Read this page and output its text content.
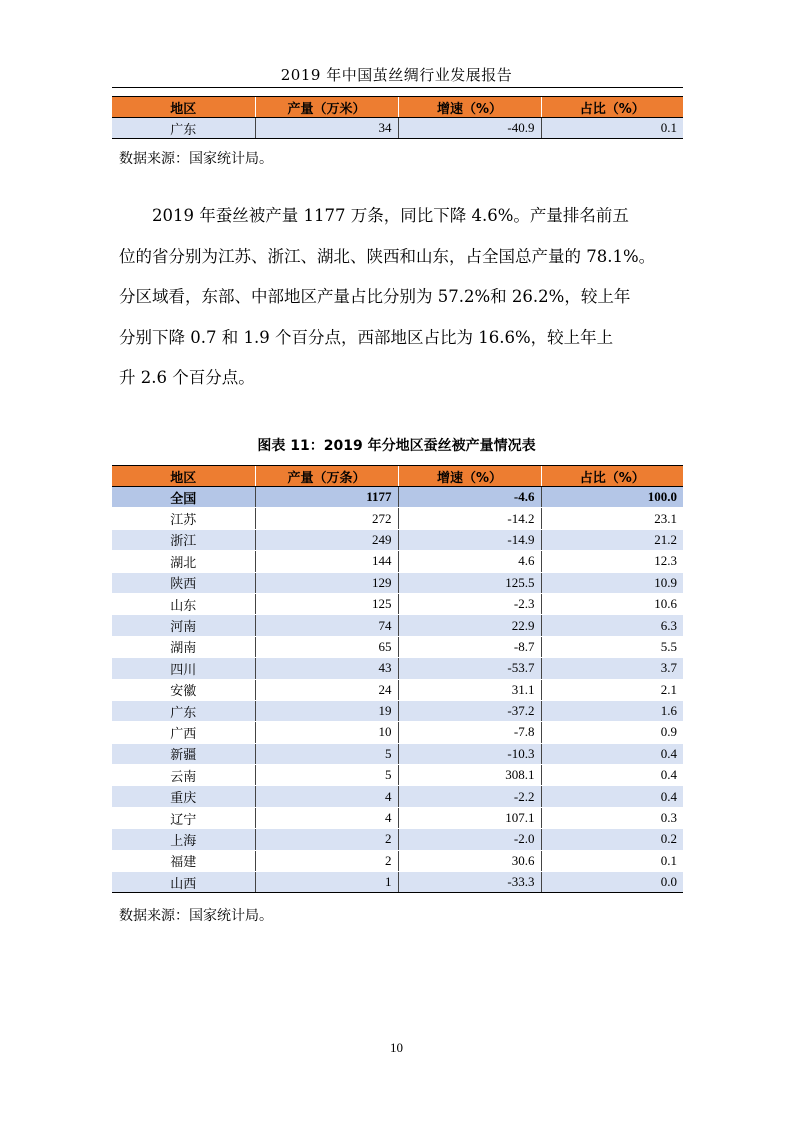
2019 年中国茧丝绸行业发展报告
地区	产量（万米）	增速（%）	占比（%）
广东	34	-40.9	0.1
数据来源：国家统计局。
2019 年蚕丝被产量 1177 万条，同比下降 4.6%。产量排名前五
位的省分别为江苏、浙江、湖北、陕西和山东，占全国总产量的 78.1%。
分区域看，东部、中部地区产量占比分别为 57.2%和 26.2%，较上年
分别下降 0.7 和 1.9 个百分点，西部地区占比为 16.6%，较上年上
升 2.6 个百分点。
图表 11：2019 年分地区蚕丝被产量情况表
地区	产量（万条）	增速（%）	占比（%）
全国	1177	-4.6	100.0
江苏	272	-14.2	23.1
浙江	249	-14.9	21.2
湖北	144	4.6	12.3
陕西	129	125.5	10.9
山东	125	-2.3	10.6
河南	74	22.9	6.3
湖南	65	-8.7	5.5
四川	43	-53.7	3.7
安徽	24	31.1	2.1
广东	19	-37.2	1.6
广西	10	-7.8	0.9
新疆	5	-10.3	0.4
云南	5	308.1	0.4
重庆	4	-2.2	0.4
辽宁	4	107.1	0.3
上海	2	-2.0	0.2
福建	2	30.6	0.1
山西	1	-33.3	0.0
数据来源：国家统计局。
10
